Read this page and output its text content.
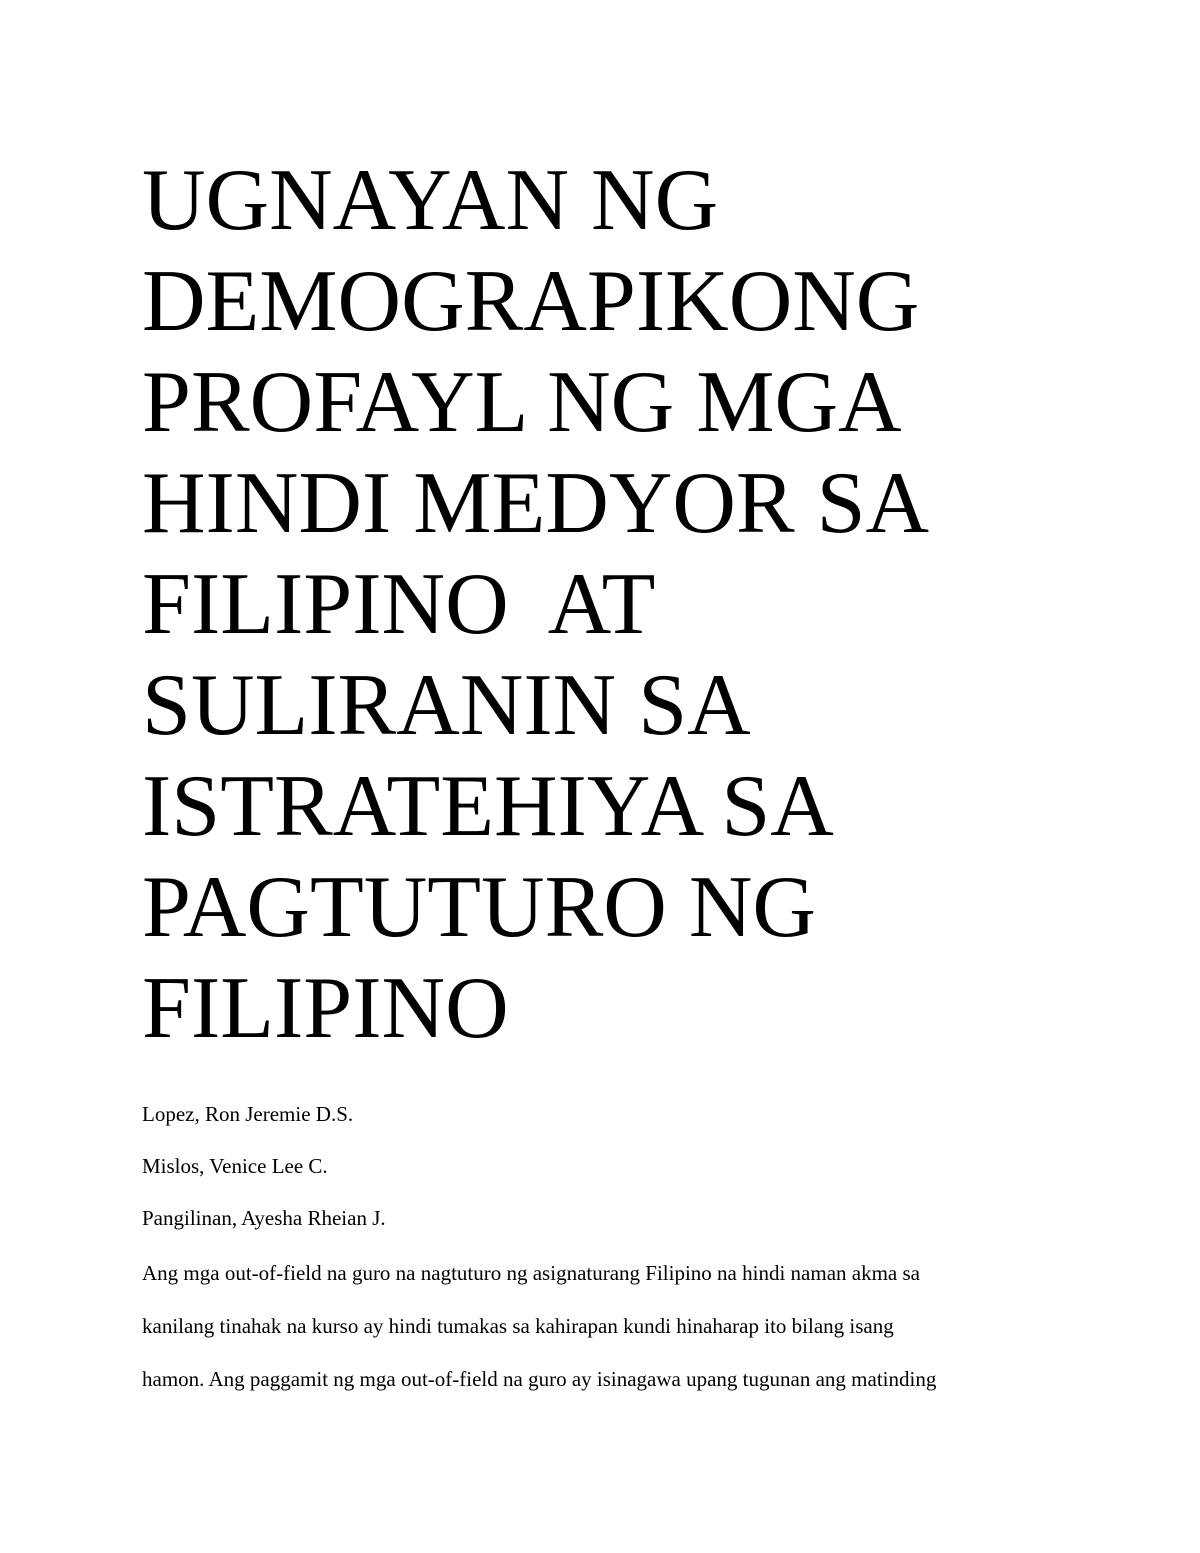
UGNAYAN NG
DEMOGRAPIKONG
PROFAYL NG MGA
HINDI MEDYOR SA
FILIPINO  AT
SULIRANIN SA
ISTRATEHIYA SA
PAGTUTURO NG
FILIPINO
Lopez, Ron Jeremie D.S.
Mislos, Venice Lee C.
Pangilinan, Ayesha Rheian J.
Ang mga out-of-field na guro na nagtuturo ng asignaturang Filipino na hindi naman akma sa
kanilang tinahak na kurso ay hindi tumakas sa kahirapan kundi hinaharap ito bilang isang
hamon. Ang paggamit ng mga out-of-field na guro ay isinagawa upang tugunan ang matinding
